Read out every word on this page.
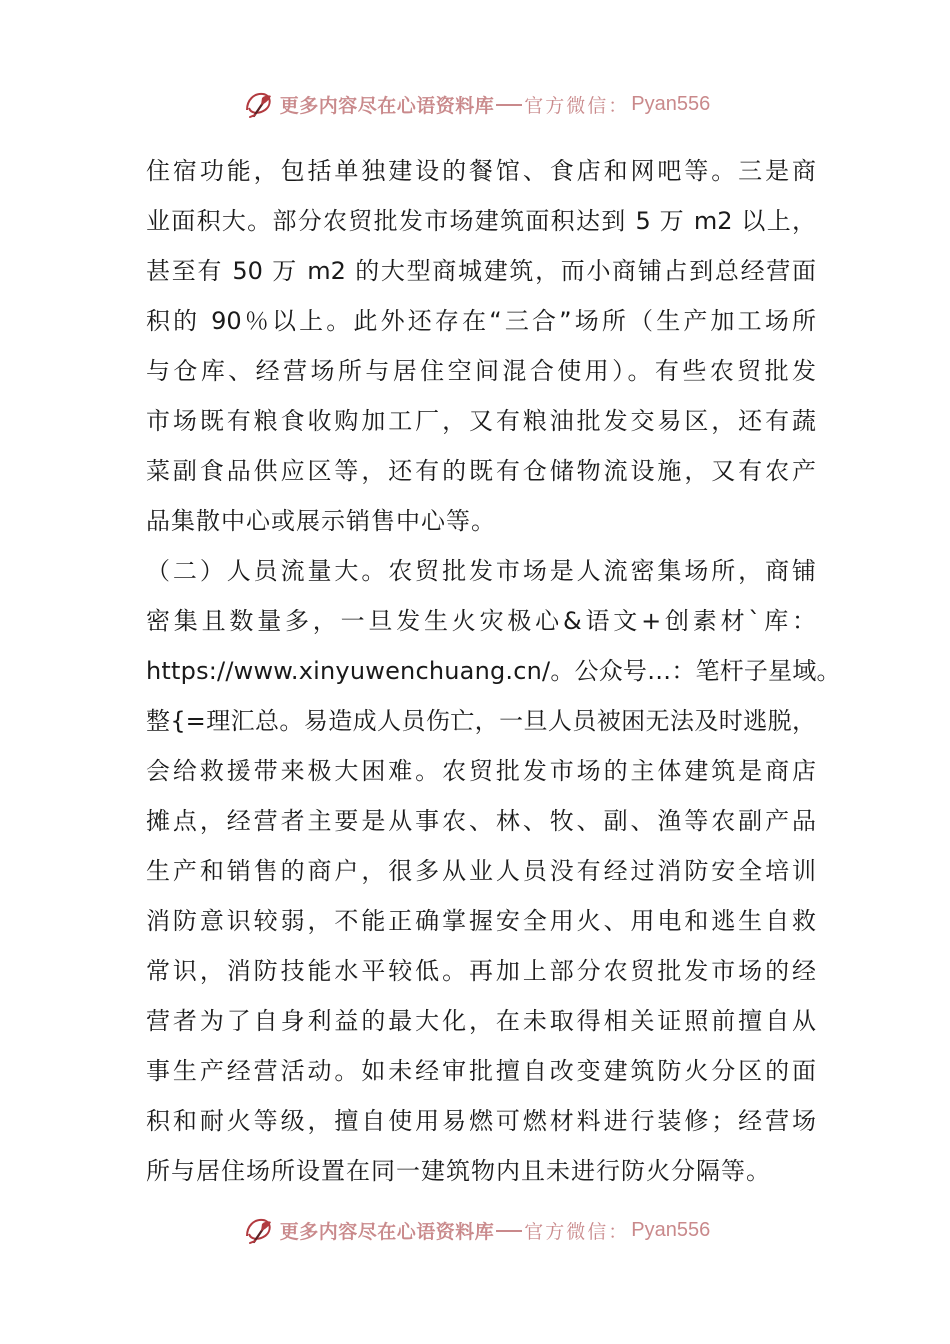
更多内容尽在心语资料库 官方微信： Pyan556
住宿功能，包括单独建设的餐馆、食店和网吧等。三是商
业面积大。部分农贸批发市场建筑面积达到 5 万 m2 以上，
甚至有 50 万 m2 的大型商城建筑，而小商铺占到总经营面
积的 90％以上。此外还存在“三合”场所（生产加工场所
与仓库、经营场所与居住空间混合使用）。有些农贸批发
市场既有粮食收购加工厂，又有粮油批发交易区，还有蔬
菜副食品供应区等，还有的既有仓储物流设施，又有农产
品集散中心或展示销售中心等。
（二）人员流量大。农贸批发市场是人流密集场所，商铺
密集且数量多，一旦发生火灾极心&语文+创素材`库：
https://www.xinyuwenchuang.cn/。公众号…：笔杆子星域。
整{=理汇总。易造成人员伤亡，一旦人员被困无法及时逃脱，
会给救援带来极大困难。农贸批发市场的主体建筑是商店
摊点，经营者主要是从事农、林、牧、副、渔等农副产品
生产和销售的商户，很多从业人员没有经过消防安全培训
消防意识较弱，不能正确掌握安全用火、用电和逃生自救
常识，消防技能水平较低。再加上部分农贸批发市场的经
营者为了自身利益的最大化，在未取得相关证照前擅自从
事生产经营活动。如未经审批擅自改变建筑防火分区的面
积和耐火等级，擅自使用易燃可燃材料进行装修；经营场
所与居住场所设置在同一建筑物内且未进行防火分隔等。
更多内容尽在心语资料库 官方微信： Pyan556
